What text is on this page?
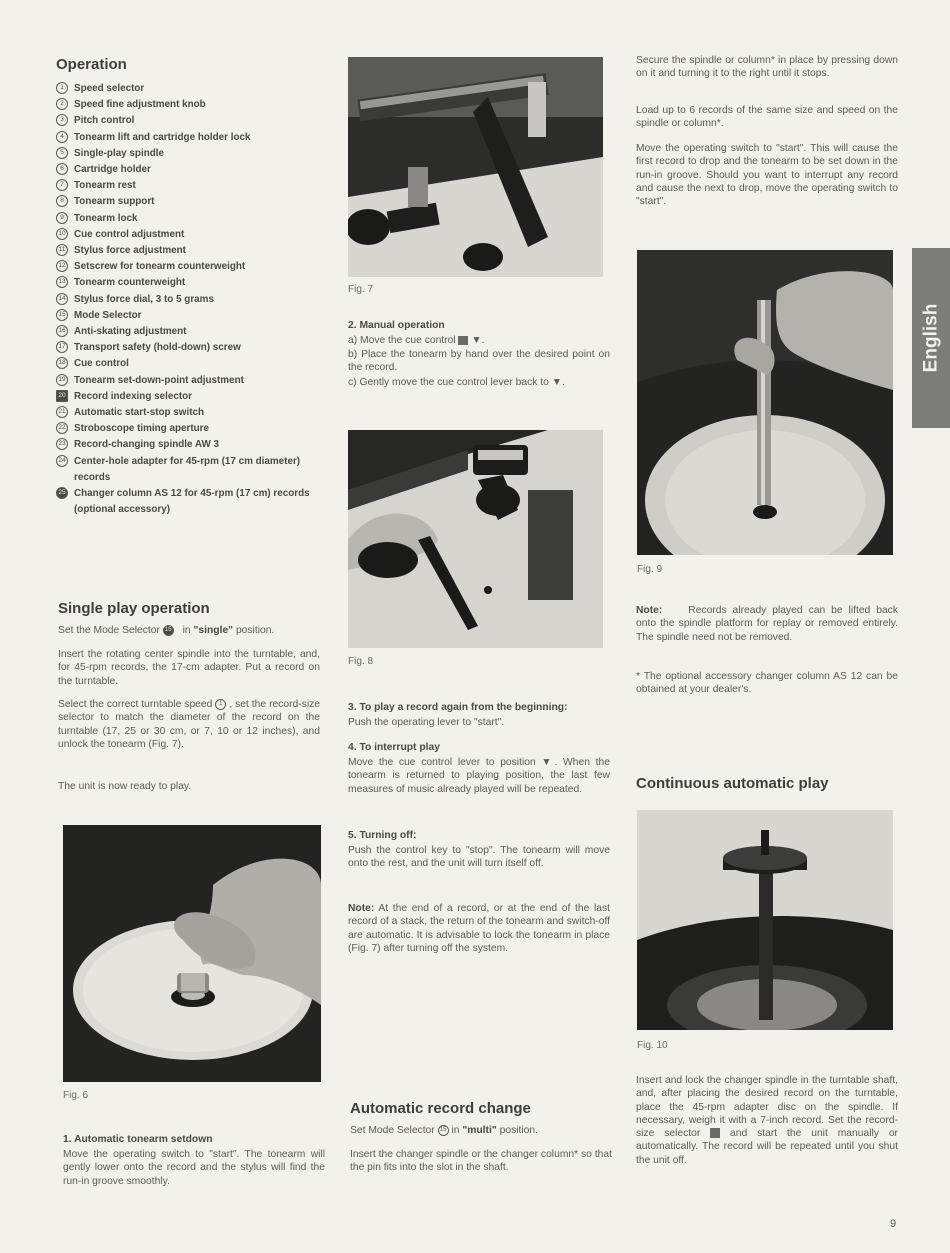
Operation
1	Speed selector
2	Speed fine adjustment knob
3	Pitch control
4	Tonearm lift and cartridge holder lock
5	Single-play spindle
6	Cartridge holder
7	Tonearm rest
8	Tonearm support
9	Tonearm lock
10 Cue control adjustment
11 Stylus force adjustment
12 Setscrew for tonearm counterweight
13 Tonearm counterweight
14 Stylus force dial, 3 to 5 grams
15 Mode Selector
16 Anti-skating adjustment
17 Transport safety (hold-down) screw
18 Cue control
19 Tonearm set-down-point adjustment
20 Record indexing selector
21 Automatic start-stop switch
22 Stroboscope timing aperture
23 Record-changing spindle AW 3
24 Center-hole adapter for 45-rpm (17 cm diameter) records
25 Changer column AS 12 for 45-rpm (17 cm) records (optional accessory)
Single play operation

Set the Mode Selector 15 in "single" position.

Insert the rotating center spindle into the turntable, and, for 45-rpm records, the 17-cm adapter. Put a record on the turntable.

Select the correct turntable speed 1 , set the record-size selector to match the diameter of the record on the turntable (17, 25 or 30 cm, or 7, 10 or 12 inches), and unlock the tonearm (Fig. 7).

The unit is now ready to play.

Fig. 6
1. Automatic tonearm setdown

Move the operating switch to "start". The tonearm will gently lower onto the record and the stylus will find the run-in groove smoothly.

Fig. 7
2. Manual operation

a) Move the cue control ▼.

b) Place the tonearm by hand over the desired point on the record.

c) Gently move the cue control lever back to ▼.

Fig. 8
3. To play a record again from the beginning:

Push the operating lever to "start".

4. To interrupt play

Move the cue control lever to position ▼. When the tonearm is returned to playing position, the last few measures of music already played will be repeated.

5. Turning off:

Push the control key to "stop". The tonearm will move onto the rest, and the unit will turn itself off.

Note: At the end of a record, or at the end of the last record of a stack, the return of the tonearm and switch-off are automatic. It is advisable to lock the tonearm in place (Fig. 7) after turning off the system.

Automatic record change

Set Mode Selector 15 in "multi" position.

Insert the changer spindle or the changer column* so that the pin fits into the slot in the shaft.

Secure the spindle or column* in place by pressing down on it and turning it to the right until it stops.

Load up to 6 records of the same size and speed on the spindle or column*.

Move the operating switch to "start". This will cause the first record to drop and the tonearm to be set down in the run-in groove. Should you want to interrupt any record and cause the next to drop, move the operating switch to "start".

Fig. 9

Note:	Records already played can be lifted back onto the spindle platform for replay or removed entirely. The spindle need not be removed.

* The optional accessory changer column AS 12 can be obtained at your dealer's.

Continuous automatic play
Fig. 10

Insert and lock the changer spindle in the turntable shaft, and, after placing the desired record on the turntable, place the 45-rpm adapter disc on the spindle. If necessary, weigh it with a 7-inch record. Set the record-size selector	and start the unit manually or automatically. The record will be repeated until you shut the unit off.

English
9
